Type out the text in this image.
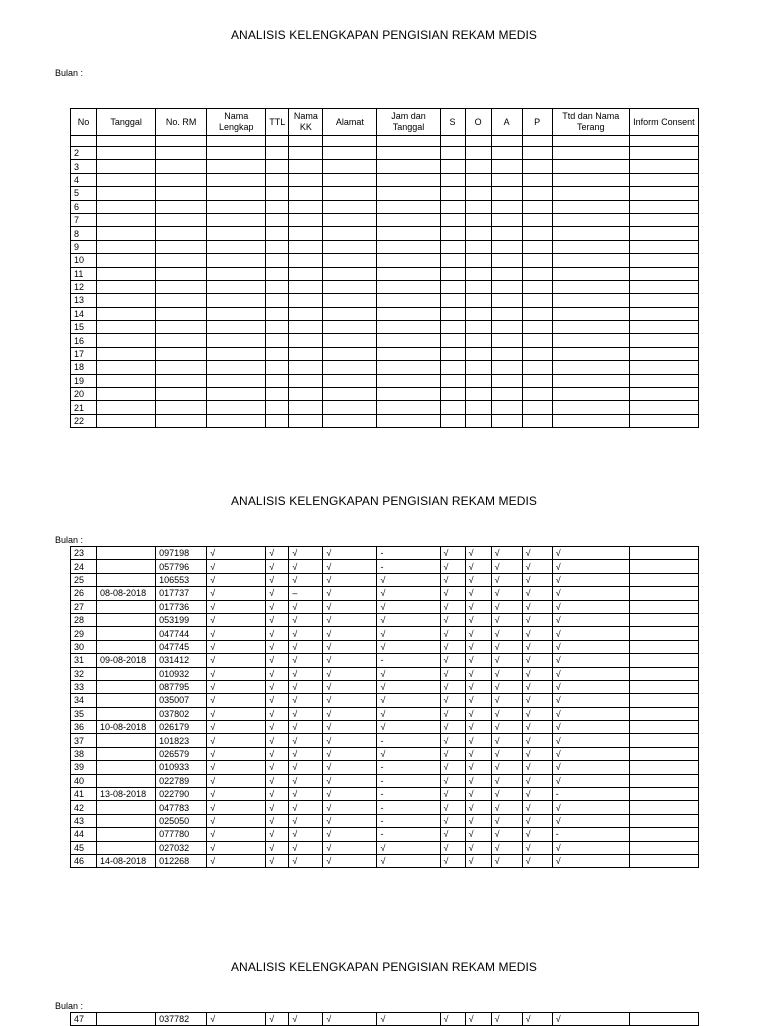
ANALISIS KELENGKAPAN PENGISIAN REKAM MEDIS
Bulan :
No	Tanggal	No. RM	Nama Lengkap	TTL	Nama KK	Alamat	Jam dan Tanggal	S	O	A	P	Ttd dan Nama Terang	Inform Consent

2													
3													
4													
5													
6													
7													
8													
9													
10													
11													
12													
13													
14													
15													
16													
17													
18													
19													
20													
21													
22													
ANALISIS KELENGKAPAN PENGISIAN REKAM MEDIS
Bulan :
23		097198	√	√	√	√	-	√	√	√	√	√	
24		057796	√	√	√	√	-	√	√	√	√	√	
25		106553	√	√	√	√	√	√	√	√	√	√	
26	08-08-2018	017737	√	√	–	√	√	√	√	√	√	√	
27		017736	√	√	√	√	√	√	√	√	√	√	
28		053199	√	√	√	√	√	√	√	√	√	√	
29		047744	√	√	√	√	√	√	√	√	√	√	
30		047745	√	√	√	√	√	√	√	√	√	√	
31	09-08-2018	031412	√	√	√	√	-	√	√	√	√	√	
32		010932	√	√	√	√	√	√	√	√	√	√	
33		087795	√	√	√	√	√	√	√	√	√	√	
34		035007	√	√	√	√	√	√	√	√	√	√	
35		037802	√	√	√	√	√	√	√	√	√	√	
36	10-08-2018	026179	√	√	√	√	√	√	√	√	√	√	
37		101823	√	√	√	√	-	√	√	√	√	√	
38		026579	√	√	√	√	√	√	√	√	√	√	
39		010933	√	√	√	√	-	√	√	√	√	√	
40		022789	√	√	√	√	-	√	√	√	√	√	
41	13-08-2018	022790	√	√	√	√	-	√	√	√	√	-	
42		047783	√	√	√	√	-	√	√	√	√	√	
43		025050	√	√	√	√	-	√	√	√	√	√	
44		077780	√	√	√	√	-	√	√	√	√	-	
45		027032	√	√	√	√	√	√	√	√	√	√	
46	14-08-2018	012268	√	√	√	√	√	√	√	√	√	√	
ANALISIS KELENGKAPAN PENGISIAN REKAM MEDIS
Bulan :
47		037782	√	√	√	√	√	√	√	√	√	√	
